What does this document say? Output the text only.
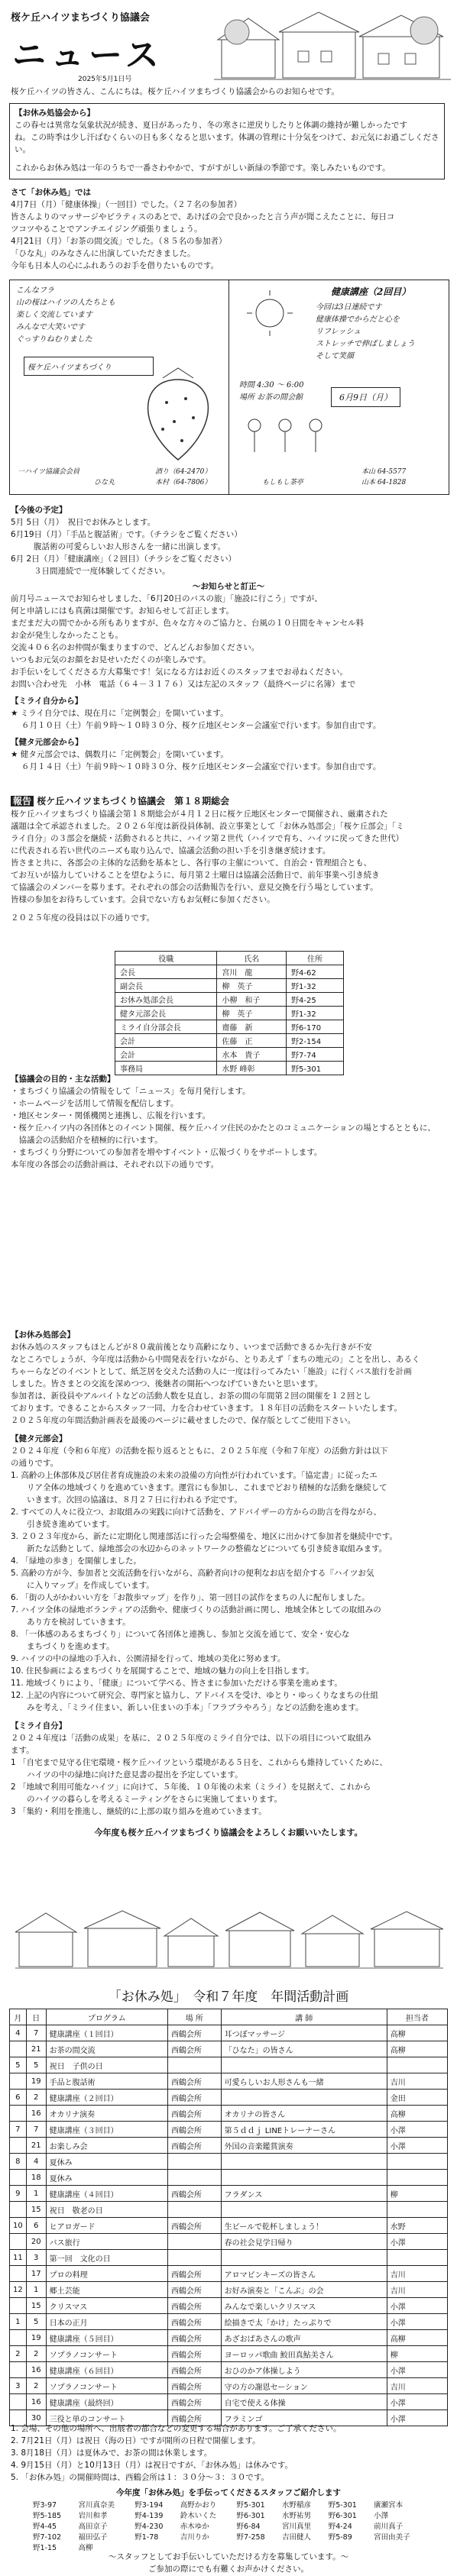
桜ケ丘ハイツまちづくり協議会
ニュース
2025年5月1日号
桜ケ丘ハイツの皆さん、こんにちは。桜ケ丘ハイツまちづくり協議会からのお知らせです。
【お休み処協会から】
この春セは異常な気象状況が続き、夏日があったり、冬の寒さに逆戻りしたりと体調の維持が難しかったです
ね。この時季は少し汗ばむくらいの日も多くなると思います。体調の管理に十分気をつけて、お元気にお過ごしください。
これからお休み処は一年のうちで一番さわやかで、すがすがしい新緑の季節です。楽しみたいものです。
さて「お休み処」では
4月7日（月）「健康体操」（一回目）でした。（２７名の参加者）
皆さんよりのマッサージやピラティスのあとで、あけぼの会で良かったと言う声が聞こえたことに、毎日コ
ツコツやることでアンチエイジング頑張りましょう。
4月21日（月）「お茶の間交流」でした。（８５名の参加者）
「ひな丸」のみなさんに出演していただきました。
今年も日本人の心にふれあうのお手を借りたいものです。
こんなフラ
山の桜はハイツの人たちとも
楽しく交流しています
みんなで大笑いです
ぐっすりねむりました
桜ケ丘ハイツまちづくり
一ハイツ協議会会員	酒り（64-2470）
本村（64-7806）
ひな丸
健康講座（2回目）
今回は3日連続です
健康体操でからだと心を
リフレッシュ
ストレッチで伸ばしましょう
そして笑顔
時間 4:30 ～ 6:00
場所 お茶の間会館	6月9日（月）
本山 64-5577
山本 64-1828
もしもし茶亭
【今後の予定】
5月 5日（月）　祝日でお休みとします。
6月19日（月）「手品と腹話術」です。（チラシをご覧ください）
腹話術の可愛らしいお人形さんを一緒に出演します。
6月 2日（月）「健康講座」（２回目）（チラシをご覧ください）
３日間連続で一度体験してください。
～お知らせと訂正～
前月号ニュースでお知らせしました、「6月20日のバスの旅」「施設に行こう」ですが、
何と申請しにはも真菌は開催です。お知らせして訂正します。
まだまだ大の間でかかる所もありますが、色々な方々のご協力と、台風の１０日間をキャンセル料
お金が発生しなかったことも。
交流４０６名のお仲間が集まりますので、どんどんお参加ください。
いつもお元気のお顔をお見せいただくのが楽しみです。
お手伝いをしてくださる方大募集です！気になる方はお近くのスタッフまでお尋ねください。
お問い合わせ先　小林　電話（６４－３１７６）又は左記のスタッフ（最終ページに名簿）まで
【ミライ自分から】
★ ミライ自分では、現在月に「定例製会」を開いています。
６月１０日（土）午前９時～１０時３０分、桜ケ丘地区センター会議室で行います。参加自由です。
【健タ元部会から】
★ 健タ元部会では、偶数月に「定例製会」を開いています。
６月１４日（土）午前９時～１０時３０分、桜ケ丘地区センター会議室で行います。参加自由です。
報告 桜ケ丘ハイツまちづくり協議会　第１８期総会
桜ケ丘ハイツまちづくり協議会第１８期総会が４月１２日に桜ケ丘地区センターで開催され、厳粛された
議題は全て承認されました。２０２６年度は新役員体制、設立事業として「お休み処部会」「桜ケ丘部会」「ミ
ライ自分」の３部会を継続・活動されると共に、ハイツ第２世代（ハイツで育ち、ハイツに戻ってきた世代）
に代表される若い世代のニーズも取り込んで、協議会活動の担い手を引き継ぎ続けます。
皆さまと共に、各部会の主体的な活動を基本とし、各行事の主催について、自治会・管理組合とも、
てお互いが協力していけることを望むように、毎月第２土曜日は協議会活動日で、前年事業へ引き続き
て協議会のメンバーを募ります。それぞれの部会の活動報告を行い、意見交換を行う場としています。
皆様の参加をお待ちしています。会員でない方もお気軽に参加ください。
２０２５年度の役員は以下の通りです。
役職	氏名	住所
会長	宮川　龍	野4-62
副会長	柳　英子	野1-32
お休み処部会長	小柳　和子	野4-25
健タ元部会長	柳　英子	野1-32
ミライ自分部会長	齋藤　新	野6-170
会計	佐藤　正	野2-154
会計	水本　貴子	野7-74
事務局	水野 峰彰	野5-301
【協議会の目的・主な活動】
・まちづくり協議会の情報をして「ニュース」を毎月発行します。
・ホームページを活用して情報を配信します。
・地区センター・関係機関と連携し、広報を行います。
・桜ケ丘ハイツ内の各団体とのイベント開催、桜ケ丘ハイツ住民のかたとのコミュニケーションの場とするとともに、
　協議会の活動紹介を積極的に行います。
・まちづくり分野についての参加者を増やすイベント・広報づくりをサポートします。
本年度の各部会の活動計画は、それぞれ以下の通りです。
【お休み処部会】
お休み処のスタッフもほとんどが８０歳前後となり高齢になり、いつまで活動できるか先行きが不安
なところでしょうが、今年度は活動から中間発表を行いながら、とりあえず「まちの地元の」ことを出し、あるく
ちゃーらなどのイベントとして、紙芝居を交えた活動の人に一度は行ってみたい「施設」に行くバス旅行を計画
しました。皆さまとの交流を深めつつ、後継者の開拓へつなげていきたいと思います。
参加者は、新役員やアルバイトなどの活動人数を見直し、お茶の間の年間第２回の開催を１２回とし
ております。できることからスタッフ一同、力を合わせていきます。１８年目の活動をスタートいたします。
２０２５年度の年間活動計画表を最後のページに載せましたので、保存版としてご使用下さい。
【健タ元部会】
２０２４年度（令和６年度）の活動を振り返るとともに、２０２５年度（令和７年度）の活動方針は以下
の通りです。
1. 高齢の上体部体及び居住者育成施設の未来の設備の方向性が行われています。「協定書」に従ったエ
　　リア全体の地域づくりを進めていきます。運営にも参加し、これまでどおり積極的な活動を継続して
　　いきます。次回の協議は、８月２７日に行われる予定です。
2. すべての人々に役立つ、お取組みの実践に向けて活動を、アドバイザーの方からの助言を得ながら、
　　引き続き進めています。
3. ２０２３年度から、新たに定期化し関連部活に行った会場整備を、地区に出かけて参加者を継続中です。
　　新たな活動として、緑地部会の水辺からのネットワークの整備などについても引き続き取組みます。
4. 「緑地の歩き」を開催しました。
5. 高齢の方が今、参加者と交流活動を行いながら、高齢者向けの便利なお店を紹介する『ハイツお気
　　に入りマップ』を作成しています。
6. 「街の人がかわいい方を「お散歩マップ」を作り」、第一回目の試作をまちの人に配布しました。
7. ハイツ全体の緑地ボランティアの活動や、健康づくりの活動計画に関し、地域全体としての取組みの
　　あり方を検討していきます。
8. 「一体感のあるまちづくり」について各団体と連携し、参加と交流を通じて、安全・安心な
　　まちづくりを進めます。
9. ハイツの中の緑地の手入れ、公園清掃を行って、地域の美化に努めます。
10. 住民参画によるまちづくりを展開することで、地域の魅力の向上を目指します。
11. 地域づくりにより、「健康」について学べる、皆さまに参加いただける事業を進めます。
12. 上記の内容について研究会、専門家と協力し、アドバイスを受け、ゆとり・ゆっくりなまちの仕組
　　みを考え、「ミライ住まい、新しい住まいの手本」「フラブラやろう」などの活動を進めます。
【ミライ自分】
２０２４年度は「活動の成果」を基に、２０２５年度のミライ自分では、以下の項目について取組み
ます。
1 「自宅まで見守る住宅環境・桜ケ丘ハイツという環境がある５日を、これからも維持していくために、
　　ハイツの中の緑地に向けた意見書の提出を予定しています。
2 「地域で利用可能なハイツ」に向けて、５年後、１０年後の未来（ミライ）を見据えて、これから
　　のハイツの暮らしを考えるミーティングをさらに実施してまいります。
3 「集約・利用を推進し、継続的に上部の取り組みを進めていきます。
今年度も桜ケ丘ハイツまちづくり協議会をよろしくお願いいたします。
「お休み処」　令和７年度　年間活動計画
月	日	プログラム	場 所	講 師	担当者
4	7	健康講座（１回目）	西鶴会所	耳つぼマッサージ	高柳
	21	お茶の間交流	西鶴会所	「ひなた」の皆さん	高柳
5	5	祝日　子供の日			
	19	手品と腹話術	西鶴会所	可愛らしいお人形さんも一緒	吉川
6	2	健康講座（２回目）	西鶴会所		金田
	16	オカリナ演奏	西鶴会所	オカリナの皆さん	高柳
7	7	健康講座（３回目）	西鶴会所	第５ｄｄｊ LINEトレーナーさん	小澤
	21	お楽しみ会	西鶴会所	外国の音楽鑑賞演奏	小澤
8	4	夏休み			
	18	夏休み			
9	1	健康講座（４回目）	西鶴会所	フラダンス	柳
	15	祝日　敬老の日			
10	6	ヒアロガード	西鶴会所	生ビールで乾杯しましょう！	水野
	20	バス旅行		春の社会見学日帰り	小澤
11	3	第一回　文化の日			
	17	プロの料理	西鶴会所	アロマビンキーズの皆さん	吉川
12	1	郷土芸能	西鶴会所	お好み演奏と「こんぶ」の会	吉川
	15	クリスマス	西鶴会所	みんなで楽しいクリスマス	小澤
1	5	日本の正月	西鶴会所	絵描きで太「かけ」たっぷりで	小澤
	19	健康講座（５回目）	西鶴会所	あざおばあさんの歌声	高柳
2	2	ソプラノコンサート	西鶴会所	ヨーロッパ歌曲 鮫田真鮎美さん	柳
	16	健康講座（６回目）	西鶴会所	おひのかア体操しよう	小澤
3	2	ソプラノコンサート	西鶴会所	守の方の謝恩セーション	吉川
	16	健康講座（最終回）	西鶴会所	自宅で使える体操	小澤
	30	三役と単のコンサート	西鶴会所	フラミンゴ	小澤
1. 会場、その他の場所へ、出展者の都合などの変更する場合があります。ご了承ください。
2. 7月21日（月）は祝日（海の日）ですが開所の日程で開催します。
3. 8月18日（月）は夏休みで、お茶の間は休業します。
4. 9月15日（月）と10月13日（月）は祝日ですが、「お休み処」は休みです。
5. 「お休み処」の開催時間は、西鶴会所は１：３０分～３：３０です。
今年度「お休み処」を手伝ってくださるスタッフご紹介します
野3-97	宮川真奈美	野3-194	高野かおり	野5-301	水野稲彦	野5-301	廣瀬宮本
野5-185	岩川和孝	野4-139	鈴木いくた	野6-301	水野祐男	野6-301	小澤
野4-45	高田京子	野4-230	赤木ゆか	野6-84	宮川真里	野4-24	前川真子
野7-102	福田弘子	野1-78	吉川りか	野7-258	吉田健人	野5-89	宮田由美子
野1-15	高柳						
～スタッフとしてお手伝いしていただける方を募集しています。～
ご参加の際にでも有難くお声かけください。
